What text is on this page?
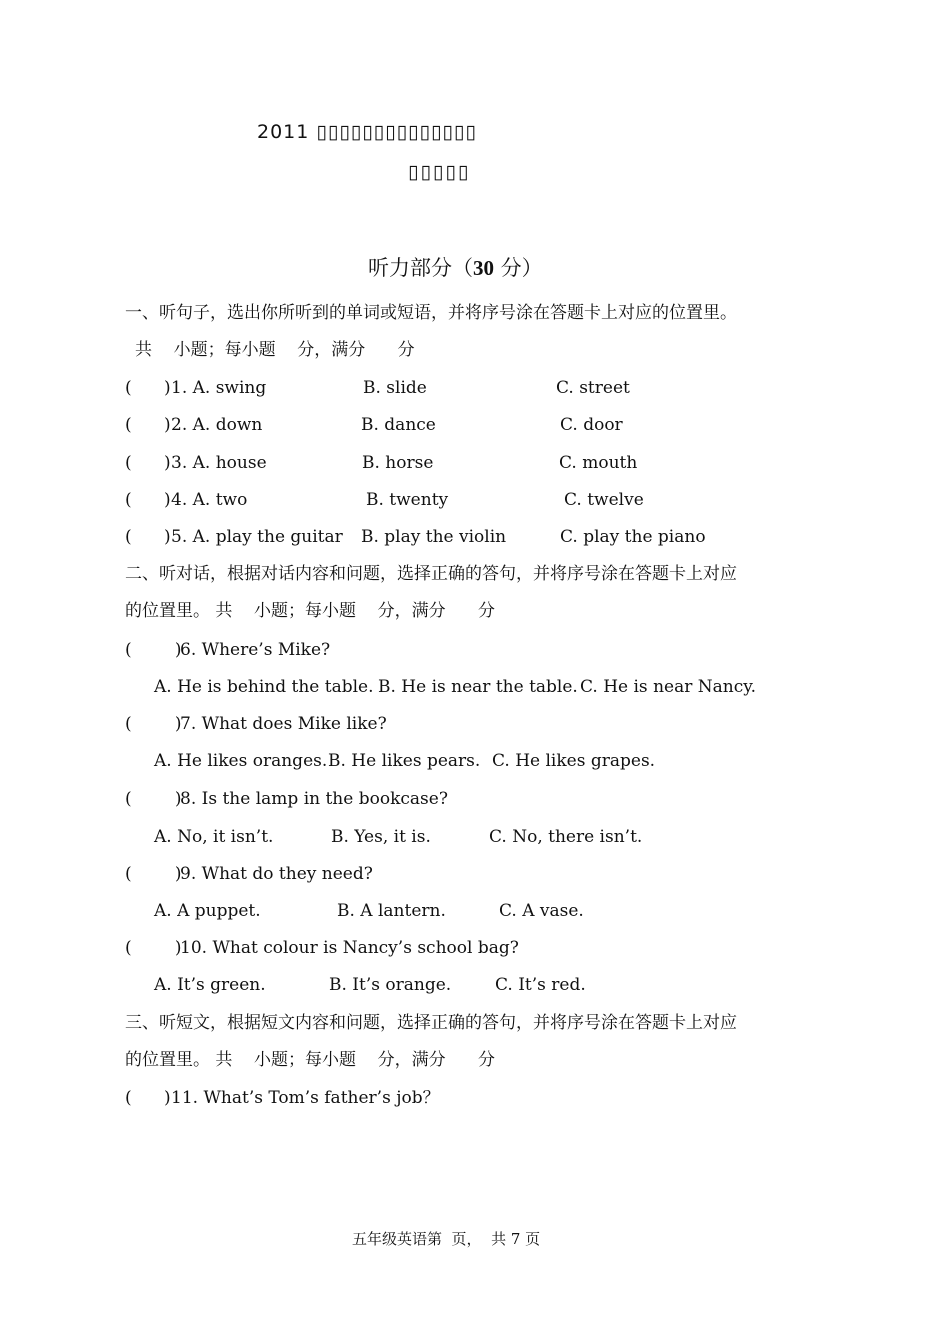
2011 ▯▯▯▯▯▯▯▯▯▯▯▯▯▯
▯▯▯▯▯
听力部分（30 分）
一、听句子，选出你所听到的单词或短语，并将序号涂在答题卡上对应的位置里。
共    小题；每小题    分，满分      分
(      ) 1. A. swing	B. slide	C. street
(      ) 2. A. down	B. dance	C. door
(      ) 3. A. house	B. horse	C. mouth
(      ) 4. A. two	B. twenty	C. twelve
(      ) 5. A. play the guitar B. play the violin	C. play the piano
二、听对话，根据对话内容和问题，选择正确的答句，并将序号涂在答题卡上对应
的位置里。 共    小题；每小题    分，满分      分
(        )
6. Where’s Mike?
A. He is behind the table. B. He is near the table. C. He is near Nancy.
(        )
7. What does Mike like?
A. He likes oranges. B. He likes pears. C. He likes grapes.
(        )
8. Is the lamp in the bookcase?
A. No, it isn’t.	B. Yes, it is.	C. No, there isn’t.
(        )
9. What do they need?
A. A puppet.	B. A lantern.	C. A vase.
(        )
10. What colour is Nancy’s school bag?
A. It’s green.	B. It’s orange.	C. It’s red.
三、听短文，根据短文内容和问题，选择正确的答句，并将序号涂在答题卡上对应
的位置里。 共    小题；每小题    分，满分      分
(      ) 11. What’s Tom’s father’s job？
五年级英语第  页，  共 7 页
